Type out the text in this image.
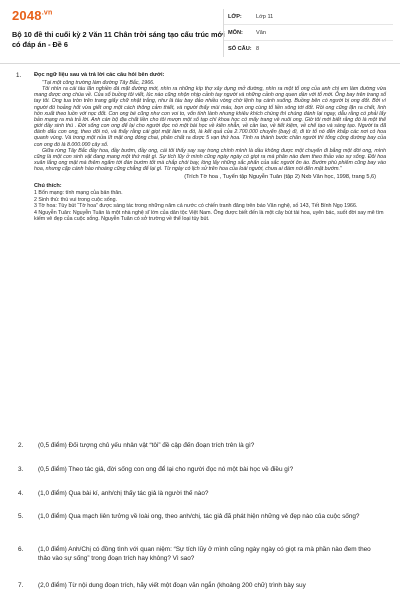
$2048^{.vn}$
Bộ 10 đề thi cuối kỳ 2 Văn 11 Chân trời sáng tạo cấu trúc mới có đáp án - Đề 6
LỚP:	Lớp 11
MÔN:	Văn
SỐ CÂU: 8
1. Đọc ngữ liệu sau và trả lời các câu hỏi bên dưới:

“Tại một công trường làm đường Tây Bắc, 1966.

Tôi nhìn ra cái tàu lăn nghiền đá mặt đường mới, nhìn ra những kíp thợ xây dựng mở đường, nhìn ra một tổ ong của anh chị em làm đường vừa mang được ong chúa về. Của sổ buồng tôi viết, lúc nào cũng nhộn nhịp cảnh tay người và những cảnh ong quen dần với tổ mới. Ông bay trên trang sổ tay tôi. Ong tua tròn trên trang giấy chữ nhật trắng, như là tàu bay đảo nhiều vòng chờ lệnh hạ cánh xuống. Buồng bên có người bị ong đốt. Bởi vì người đó hoảng hốt vừa giết ong một cách thông cảm thiết, và người thấy mùi máu, bọn ong cùng tổ liền xông tới đốt. Rồi ong cũng lặn ra chết, lình hồn xuất theo luồn với nọc đốt. Con ong bé cũng như con voi to, vốn tính lành nhưng khiêu khích chúng thì chúng đánh lại ngay, dẫu rằng có phải lấy bản mạng ra mà trả lời. Anh cán bộ địa chất liền cho tôi mượn một số tạp chí khoa học có mấy trang về nuôi ong. Giờ tôi mới biết rằng đó là một thế giới đầy sinh thú . Đời sống con ong để lại cho người đọc nó một bài học về kiên nhẫn, về cần lao, về tiết kiệm, về chế tạo và sáng tạo. Người ta đã đánh dấu con ong, theo dõi nó, và thấy rằng cái giọt mật làm ra đó, là kết quả của 2.700.000 chuyến (bay) đi, đi từ tổ nó đến khắp các nơi có hoa quanh vùng. Và trong một nửa lít mật ong đóng chai, phân chất ra được 5 vạn thứ hoa. Tính ra thành bước chân người thì tổng cộng đường bay của con ong đó là 8.000.000 cây số.

Giữa rừng Tây Bắc đầy hoa, đầy bướm, đầy ong, cái tôi thấy say say trong chính mình là dầu không được một chuyến đi bằng một đời ong, mình cũng là một con sinh vật đang mang một thứ mật gì. Sự tích lũy ở mình cũng ngày ngày có giọt ra mà phân nào đem theo thảo vào sự sống. Đôi hoa xuân lắng ong mật mà thêm ngấm tới đàn bướm tốt mà chắp chói bay, lòng lấy những sắc phấn của sắc người ôn ào. Bướm phù phiếm cũng bay vào hoa, nhưng cặp cánh hào nhoáng cũng chẳng để lại gì. Từ ngày có lịch sử trên hoa của loài người, chưa ai đám nói đến mật bướm.”

(Trích Tờ hoa , Tuyển tập Nguyễn Tuân (tập 2) Nxb Văn học, 1998, trang 5,6)
Chú thích:

1 Bổn mạng: tính mạng của bản thân.

2 Sinh thú: thú vui trong cuộc sống.

3 Tờ hoa: Tùy bút “Tờ hoa” được sáng tác trong những năm cả nước có chiến tranh đăng trên báo Văn nghệ, số 143, Tết Bính Ngọ 1966.

4 Nguyễn Tuân: Nguyễn Tuân là một nhà nghệ sĩ lớn của dân tộc Việt Nam. Ông được biết đến là một cây bút tài hoa, uyên bác, suốt đời say mê tìm kiếm vẻ đẹp của cuộc sống. Nguyễn Tuân có sở trường về thể loại tùy bút.

2. (0,5 điểm) Đối tượng chủ yếu nhân vật “tôi” đề cập đến đoạn trích trên là gì?
3. (0,5 điểm) Theo tác giả, đời sống con ong để lại cho người đọc nó một bài học về điều gì?
4. (1,0 điểm) Qua bài kí, anh/chị thấy tác giả là người thế nào?
5. (1,0 điểm) Qua mạch liên tưởng về loài ong, theo anh/chị, tác giả đã phát hiện những vẻ đẹp nào của cuộc sống?
6. (1,0 điểm) Anh/Chị có đồng tình với quan niệm: “Sự tích lũy ở mình cũng ngày ngày có giọt ra mà phần nào đem theo thảo vào sự sống” trong đoạn trích hay không? Vì sao?
7. (2,0 điểm) Từ nội dung đoạn trích, hãy viết một đoạn văn ngắn (khoảng 200 chữ) trình bày suy
